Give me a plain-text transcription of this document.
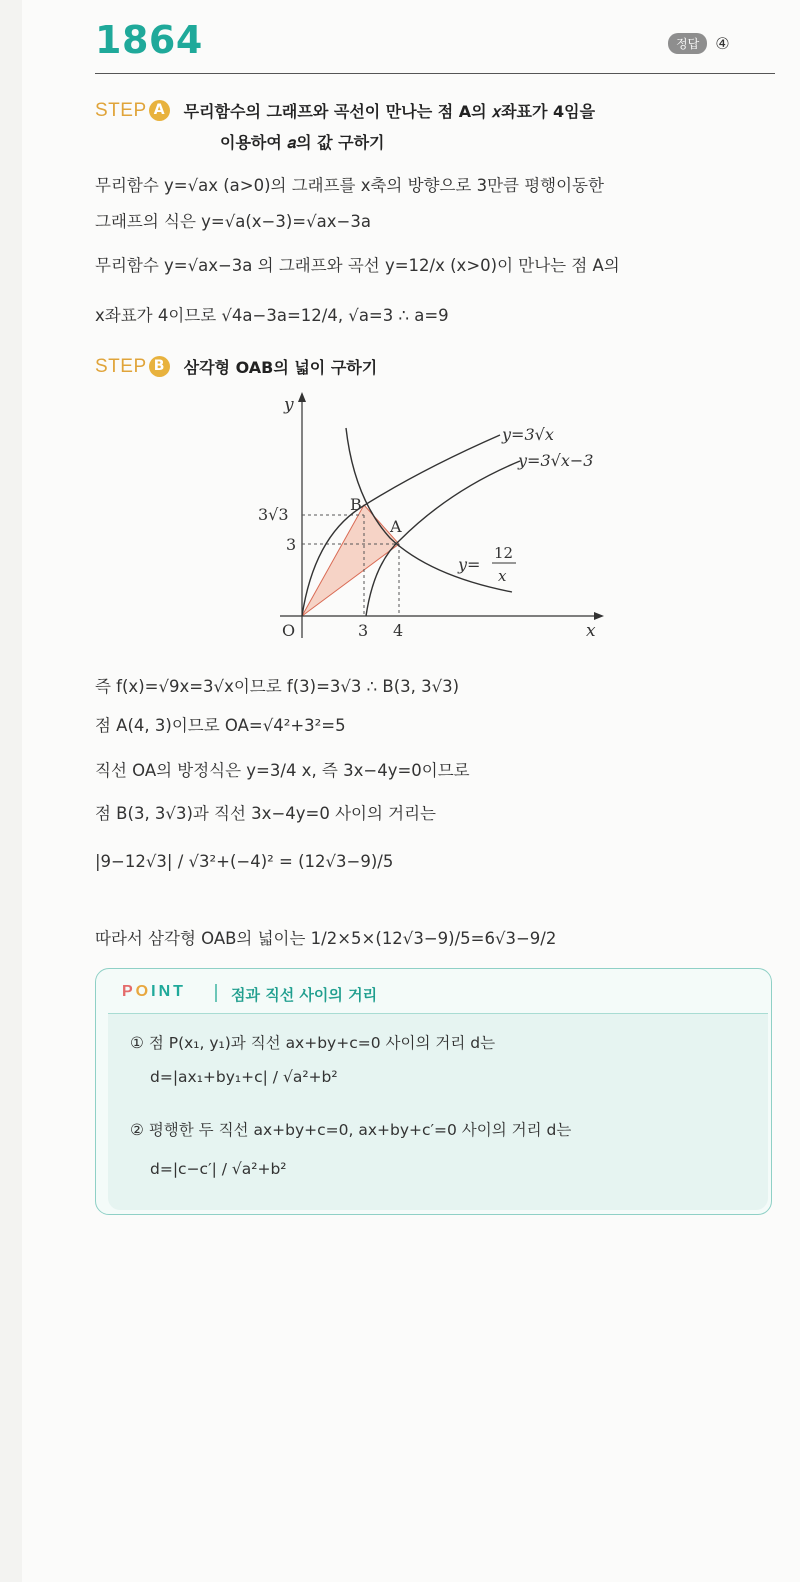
1864	정답	④
STEP A	무리함수의 그래프와 곡선이 만나는 점 A의 𝑥좌표가 4임을
이용하여 𝑎의 값 구하기
무리함수 y=√ax (a>0)의 그래프를 x축의 방향으로 3만큼 평행이동한
그래프의 식은 y=√a(x−3)=√ax−3a
무리함수 y=√ax−3a 의 그래프와 곡선 y=12/x (x>0)이 만나는 점 A의
x좌표가 4이므로 √4a−3a=12/4, √a=3 ∴ a=9
STEP B	삼각형 OAB의 넓이 구하기
y
x
O	3 4
3√3
3
B
A
y=3√x
y=3√x−3
y=
12
x
즉 f(x)=√9x=3√x이므로 f(3)=3√3 ∴ B(3, 3√3)
점 A(4, 3)이므로 OA=√4²+3²=5
직선 OA의 방정식은 y=3/4 x, 즉 3x−4y=0이므로
점 B(3, 3√3)과 직선 3x−4y=0 사이의 거리는
|9−12√3| / √3²+(−4)² = (12√3−9)/5
따라서 삼각형 OAB의 넓이는 1/2×5×(12√3−9)/5=6√3−9/2
POINT	점과 직선 사이의 거리
① 점 P(x₁, y₁)과 직선 ax+by+c=0 사이의 거리 d는
d=|ax₁+by₁+c| / √a²+b²
② 평행한 두 직선 ax+by+c=0, ax+by+c′=0 사이의 거리 d는
d=|c−c′| / √a²+b²
